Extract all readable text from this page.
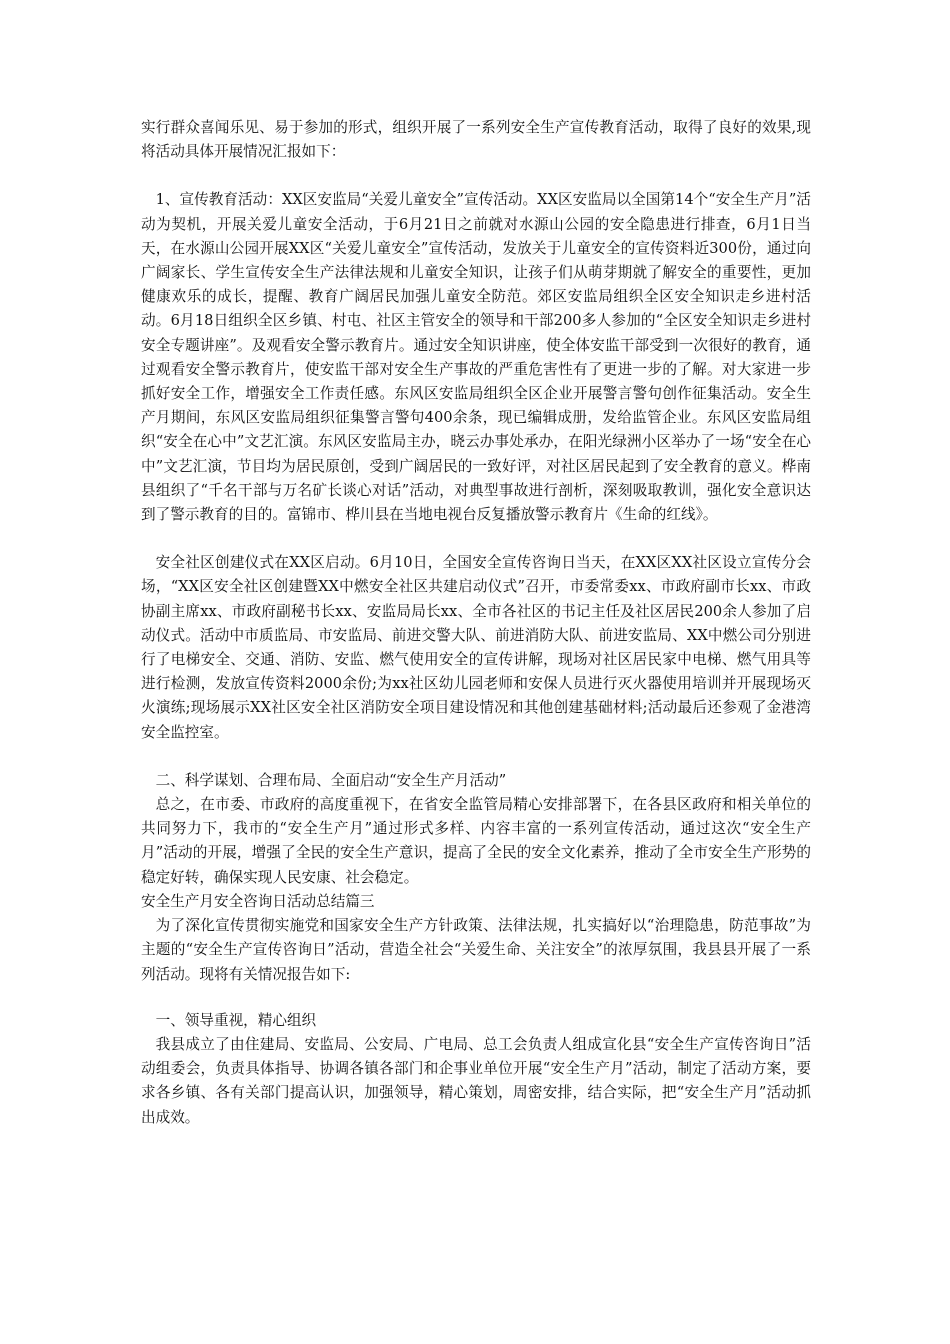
实行群众喜闻乐见、易于参加的形式，组织开展了一系列安全生产宣传教育活动，取得了良好的效果,现将活动具体开展情况汇报如下：

1、宣传教育活动：XX区安监局“关爱儿童安全”宣传活动。XX区安监局以全国第14个“安全生产月”活动为契机，开展关爱儿童安全活动，于6月21日之前就对水源山公园的安全隐患进行排查，6月1日当天，在水源山公园开展XX区“关爱儿童安全”宣传活动，发放关于儿童安全的宣传资料近300份，通过向广阔家长、学生宣传安全生产法律法规和儿童安全知识，让孩子们从萌芽期就了解安全的重要性，更加健康欢乐的成长，提醒、教育广阔居民加强儿童安全防范。郊区安监局组织全区安全知识走乡进村活动。6月18日组织全区乡镇、村屯、社区主管安全的领导和干部200多人参加的“全区安全知识走乡进村安全专题讲座”。及观看安全警示教育片。通过安全知识讲座，使全体安监干部受到一次很好的教育，通过观看安全警示教育片，使安监干部对安全生产事故的严重危害性有了更进一步的了解。对大家进一步抓好安全工作，增强安全工作责任感。东风区安监局组织全区企业开展警言警句创作征集活动。安全生产月期间，东风区安监局组织征集警言警句400余条，现已编辑成册，发给监管企业。东风区安监局组织“安全在心中”文艺汇演。东风区安监局主办，晓云办事处承办，在阳光绿洲小区举办了一场“安全在心中”文艺汇演，节目均为居民原创，受到广阔居民的一致好评，对社区居民起到了安全教育的意义。桦南县组织了“千名干部与万名矿长谈心对话”活动，对典型事故进行剖析，深刻吸取教训，强化安全意识达到了警示教育的目的。富锦市、桦川县在当地电视台反复播放警示教育片《生命的红线》。

安全社区创建仪式在XX区启动。6月10日，全国安全宣传咨询日当天，在XX区XX社区设立宣传分会场，“XX区安全社区创建暨XX中燃安全社区共建启动仪式”召开，市委常委xx、市政府副市长xx、市政协副主席xx、市政府副秘书长xx、安监局局长xx、全市各社区的书记主任及社区居民200余人参加了启动仪式。活动中市质监局、市安监局、前进交警大队、前进消防大队、前进安监局、XX中燃公司分别进行了电梯安全、交通、消防、安监、燃气使用安全的宣传讲解，现场对社区居民家中电梯、燃气用具等进行检测，发放宣传资料2000余份;为xx社区幼儿园老师和安保人员进行灭火器使用培训并开展现场灭火演练;现场展示XX社区安全社区消防安全项目建设情况和其他创建基础材料;活动最后还参观了金港湾安全监控室。

二、科学谋划、合理布局、全面启动“安全生产月活动”

总之，在市委、市政府的高度重视下，在省安全监管局精心安排部署下，在各县区政府和相关单位的共同努力下，我市的“安全生产月”通过形式多样、内容丰富的一系列宣传活动，通过这次“安全生产月”活动的开展，增强了全民的安全生产意识，提高了全民的安全文化素养，推动了全市安全生产形势的稳定好转，确保实现人民安康、社会稳定。

安全生产月安全咨询日活动总结篇三

为了深化宣传贯彻实施党和国家安全生产方针政策、法律法规，扎实搞好以“治理隐患，防范事故”为主题的“安全生产宣传咨询日”活动，营造全社会“关爱生命、关注安全”的浓厚氛围，我县县开展了一系列活动。现将有关情况报告如下:

一、领导重视，精心组织

我县成立了由住建局、安监局、公安局、广电局、总工会负责人组成宣化县“安全生产宣传咨询日”活动组委会，负责具体指导、协调各镇各部门和企事业单位开展“安全生产月”活动，制定了活动方案，要求各乡镇、各有关部门提高认识，加强领导，精心策划，周密安排，结合实际，把“安全生产月”活动抓出成效。
